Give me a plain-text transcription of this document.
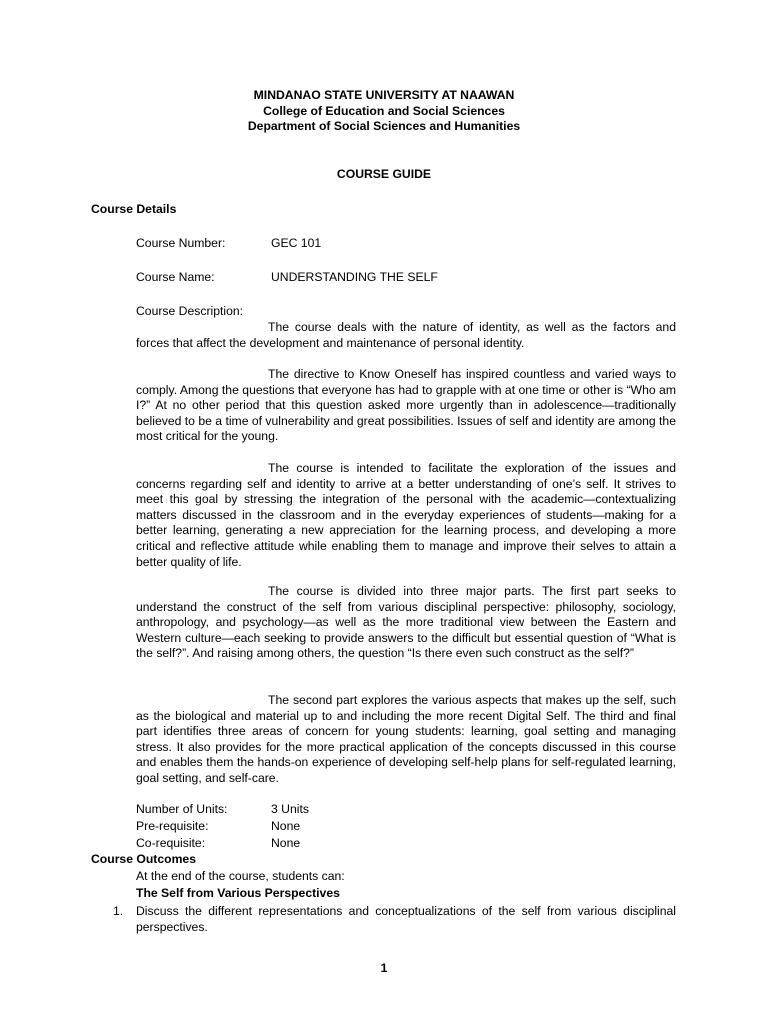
MINDANAO STATE UNIVERSITY AT NAAWAN
College of Education and Social Sciences
Department of Social Sciences and Humanities
COURSE GUIDE
Course Details
Course Number:	GEC 101
Course Name:	UNDERSTANDING THE SELF
Course Description:
The course deals with the nature of identity, as well as the factors and forces that affect the development and maintenance of personal identity.
The directive to Know Oneself has inspired countless and varied ways to comply. Among the questions that everyone has had to grapple with at one time or other is “Who am I?” At no other period that this question asked more urgently than in adolescence—traditionally believed to be a time of vulnerability and great possibilities. Issues of self and identity are among the most critical for the young.
The course is intended to facilitate the exploration of the issues and concerns regarding self and identity to arrive at a better understanding of one’s self. It strives to meet this goal by stressing the integration of the personal with the academic—contextualizing matters discussed in the classroom and in the everyday experiences of students—making for a better learning, generating a new appreciation for the learning process, and developing a more critical and reflective attitude while enabling them to manage and improve their selves to attain a better quality of life.
The course is divided into three major parts. The first part seeks to understand the construct of the self from various disciplinal perspective: philosophy, sociology, anthropology, and psychology—as well as the more traditional view between the Eastern and Western culture—each seeking to provide answers to the difficult but essential question of “What is the self?”. And raising among others, the question “Is there even such construct as the self?”
The second part explores the various aspects that makes up the self, such as the biological and material up to and including the more recent Digital Self. The third and final part identifies three areas of concern for young students: learning, goal setting and managing stress. It also provides for the more practical application of the concepts discussed in this course and enables them the hands-on experience of developing self-help plans for self-regulated learning, goal setting, and self-care.
Number of Units:	3 Units
Pre-requisite:	None
Co-requisite:	None
Course Outcomes
At the end of the course, students can:
The Self from Various Perspectives
1. Discuss the different representations and conceptualizations of the self from various disciplinal perspectives.
1
